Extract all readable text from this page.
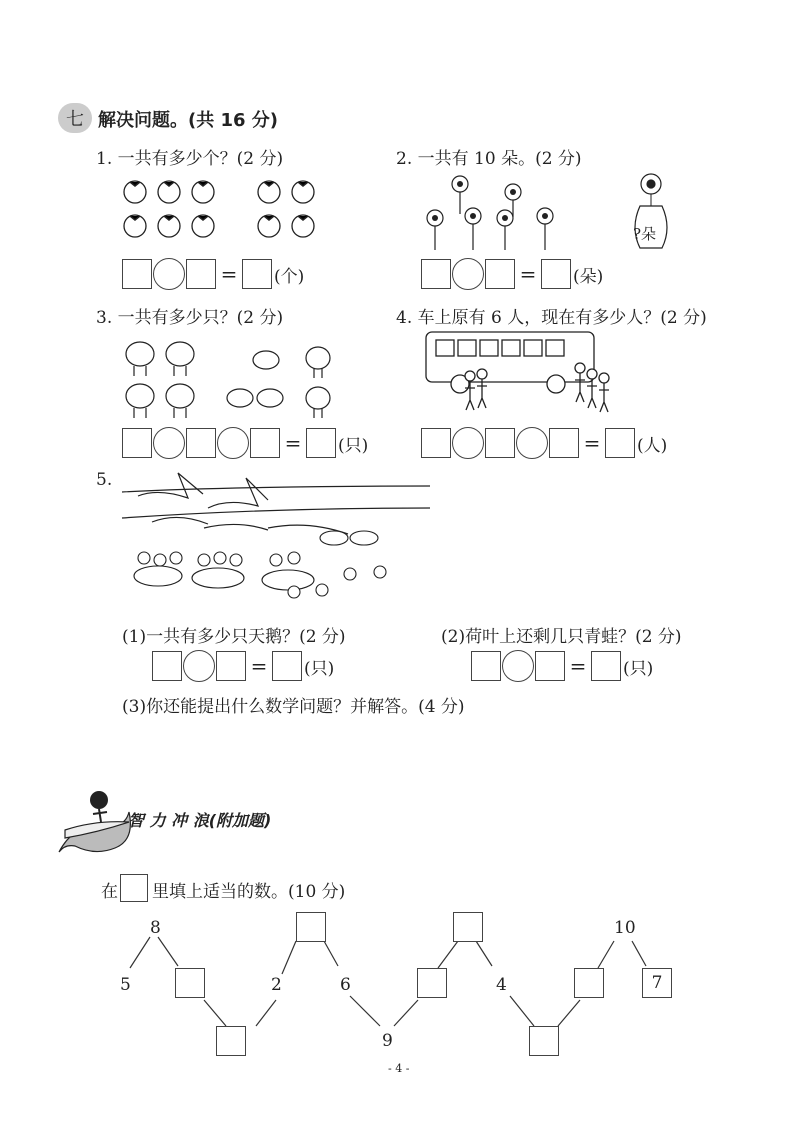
七 解决问题。(共 16 分)
1. 一共有多少个？(2 分)
= (个)
2. 一共有 10 朵。(2 分)
?朵
= (朵)
3. 一共有多少只？(2 分)
= (只)
4. 车上原有 6 人，现在有多少人？(2 分)
= (人)
5.
(1)一共有多少只天鹅？(2 分)	(2)荷叶上还剩几只青蛙？(2 分)
= (只)	= (只)
(3)你还能提出什么数学问题？并解答。(4 分)
智 力 冲 浪(附加题)
在 里填上适当的数。(10 分)
8
5	2	6
9
4
10
7
- 4 -
